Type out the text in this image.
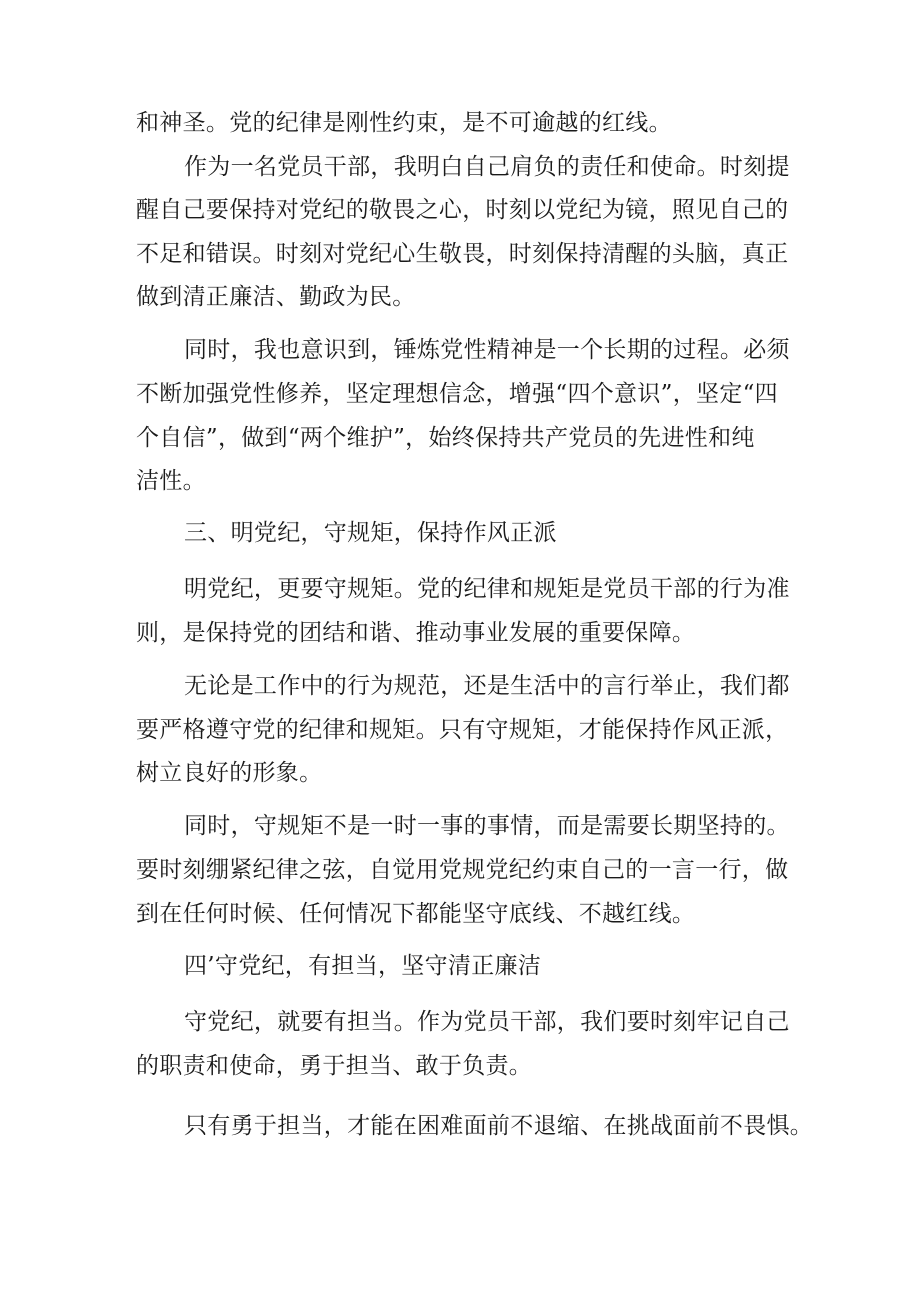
和神圣。党的纪律是刚性约束，是不可逾越的红线。
作为一名党员干部，我明白自己肩负的责任和使命。时刻提
醒自己要保持对党纪的敬畏之心，时刻以党纪为镜，照见自己的
不足和错误。时刻对党纪心生敬畏，时刻保持清醒的头脑，真正
做到清正廉洁、勤政为民。
同时，我也意识到，锤炼党性精神是一个长期的过程。必须
不断加强党性修养，坚定理想信念，增强“四个意识”，坚定“四
个自信”，做到“两个维护”，始终保持共产党员的先进性和纯
洁性。
三、明党纪，守规矩，保持作风正派
明党纪，更要守规矩。党的纪律和规矩是党员干部的行为准
则，是保持党的团结和谐、推动事业发展的重要保障。
无论是工作中的行为规范，还是生活中的言行举止，我们都
要严格遵守党的纪律和规矩。只有守规矩，才能保持作风正派，
树立良好的形象。
同时，守规矩不是一时一事的事情，而是需要长期坚持的。
要时刻绷紧纪律之弦，自觉用党规党纪约束自己的一言一行，做
到在任何时候、任何情况下都能坚守底线、不越红线。
四’守党纪，有担当，坚守清正廉洁
守党纪，就要有担当。作为党员干部，我们要时刻牢记自己
的职责和使命，勇于担当、敢于负责。
只有勇于担当，才能在困难面前不退缩、在挑战面前不畏惧。
